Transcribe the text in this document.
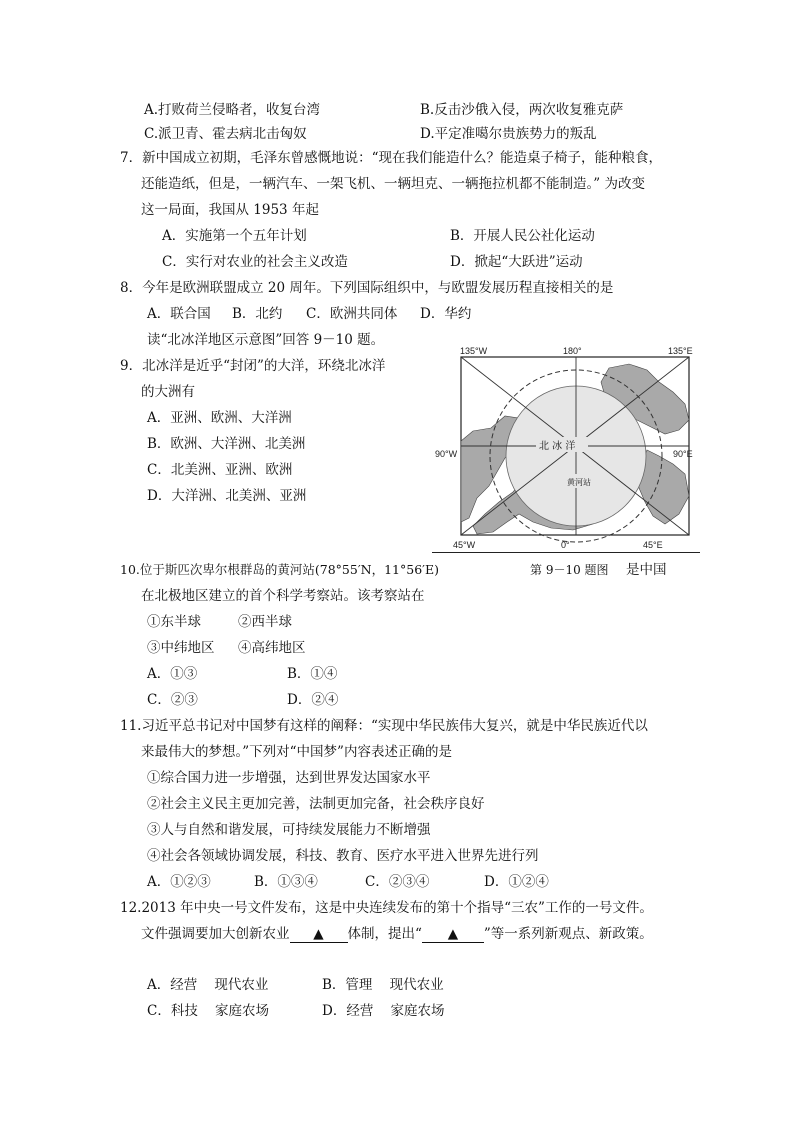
A.打败荷兰侵略者，收复台湾	B.反击沙俄入侵，两次收复雅克萨
C.派卫青、霍去病北击匈奴	D.平定准噶尔贵族势力的叛乱
7．新中国成立初期，毛泽东曾感慨地说：“现在我们能造什么？能造桌子椅子，能种粮食，
还能造纸，但是，一辆汽车、一架飞机、一辆坦克、一辆拖拉机都不能制造。” 为改变
这一局面，我国从 1953 年起
A．实施第一个五年计划	B．开展人民公社化运动
C．实行对农业的社会主义改造	D．掀起“大跃进”运动
8．今年是欧洲联盟成立 20 周年。下列国际组织中，与欧盟发展历程直接相关的是
A．联合国 B．北约 C．欧洲共同体 D．华约
读“北冰洋地区示意图”回答 9－10 题。
9．北冰洋是近乎“封闭”的大洋，环绕北冰洋
的大洲有
A．亚洲、欧洲、大洋洲
B．欧洲、大洋洲、北美洲
C．北美洲、亚洲、欧洲
D．大洋洲、北美洲、亚洲
135°W	180°	135°E
90°W	90°E
45°W	0°	45°E
北 冰 洋
黄河站
10.位于斯匹次卑尔根群岛的黄河站(78°55′N，11°56′E)	第 9－10 题图 是中国
在北极地区建立的首个科学考察站。该考察站在
①东半球	②西半球
③中纬地区 ④高纬地区
A．①③	B．①④
C．②③	D．②④
11.习近平总书记对中国梦有这样的阐释：“实现中华民族伟大复兴，就是中华民族近代以
来最伟大的梦想。”下列对“中国梦”内容表述正确的是
①综合国力进一步增强，达到世界发达国家水平
②社会主义民主更加完善，法制更加完备，社会秩序良好
③人与自然和谐发展，可持续发展能力不断增强
④社会各领域协调发展，科技、教育、医疗水平进入世界先进行列
A．①②③	B．①③④	C．②③④	D．①②④
12.2013 年中央一号文件发布，这是中央连续发布的第十个指导“三农”工作的一号文件。
文件强调要加大创新农业 ▲ 体制，提出“ ▲ ”等一系列新观点、新政策。
A．经营    现代农业	B．管理    现代农业
C．科技    家庭农场	D．经营    家庭农场
